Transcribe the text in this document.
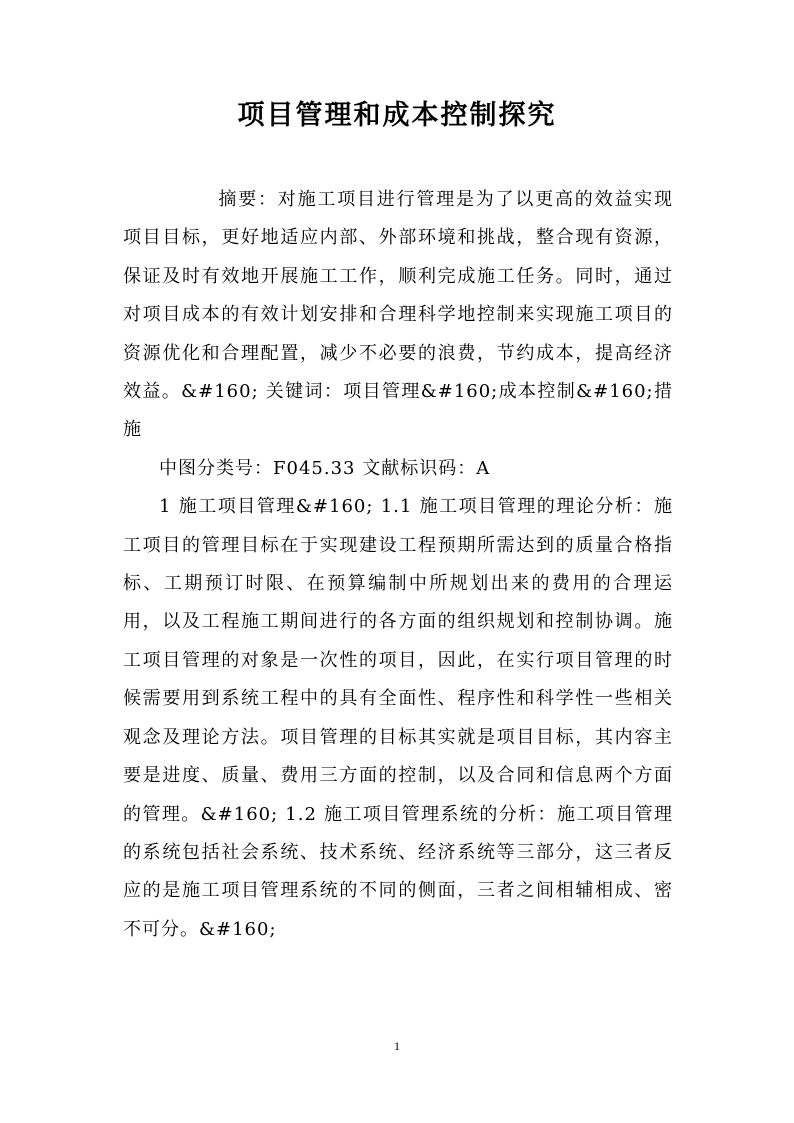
项目管理和成本控制探究

摘要：对施工项目进行管理是为了以更高的效益实现项目目标，更好地适应内部、外部环境和挑战，整合现有资源，保证及时有效地开展施工工作，顺利完成施工任务。同时，通过对项目成本的有效计划安排和合理科学地控制来实现施工项目的资源优化和合理配置，减少不必要的浪费，节约成本，提高经济效益。&#160; 关键词：项目管理&#160;成本控制&#160;措施

中图分类号：F045.33 文献标识码：A

1 施工项目管理&#160; 1.1 施工项目管理的理论分析：施工项目的管理目标在于实现建设工程预期所需达到的质量合格指标、工期预订时限、在预算编制中所规划出来的费用的合理运用，以及工程施工期间进行的各方面的组织规划和控制协调。施工项目管理的对象是一次性的项目，因此，在实行项目管理的时候需要用到系统工程中的具有全面性、程序性和科学性一些相关观念及理论方法。项目管理的目标其实就是项目目标，其内容主要是进度、质量、费用三方面的控制，以及合同和信息两个方面的管理。&#160; 1.2 施工项目管理系统的分析：施工项目管理的系统包括社会系统、技术系统、经济系统等三部分，这三者反应的是施工项目管理系统的不同的侧面，三者之间相辅相成、密不可分。&#160;

1
